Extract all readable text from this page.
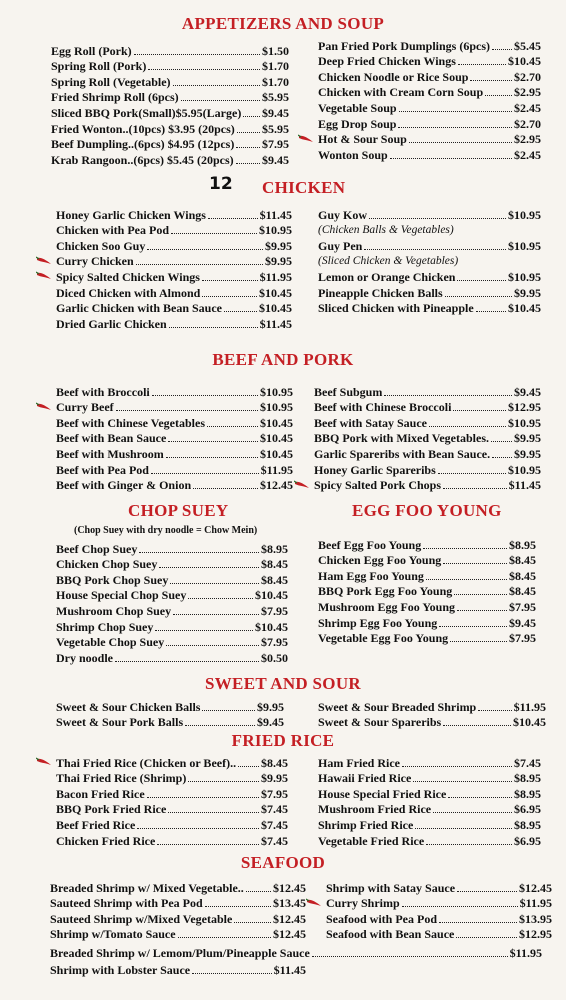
APPETIZERS AND SOUP
Egg Roll (Pork)	$1.50
Spring Roll (Pork)	$1.70
Spring Roll (Vegetable)	$1.70
Fried Shrimp Roll (6pcs)	$5.95
Sliced BBQ Pork(Small)$5.95(Large) $9.45
Fried Wonton..(10pcs) $3.95 (20pcs) $5.95
Beef Dumpling..(6pcs) $4.95 (12pcs) $7.95
Krab Rangoon..(6pcs) $5.45 (20pcs) $9.45
12
Pan Fried Pork Dumplings (6pcs) $5.45
Deep Fried Chicken Wings	$10.45
Chicken Noodle or Rice Soup	$2.70
Chicken with Cream Corn Soup	$2.95
Vegetable Soup	$2.45
Egg Drop Soup	$2.70
Hot & Sour Soup	$2.95
Wonton Soup	$2.45
CHICKEN
Honey Garlic Chicken Wings	$11.45
Chicken with Pea Pod	$10.95
Chicken Soo Guy	$9.95
Curry Chicken	$9.95
Spicy Salted Chicken Wings	$11.95
Diced Chicken with Almond	$10.45
Garlic Chicken with Bean Sauce	$10.45
Dried Garlic Chicken	$11.45
Guy Kow	$10.95
(Chicken Balls & Vegetables)
Guy Pen	$10.95
(Sliced Chicken & Vegetables)
Lemon or Orange Chicken	$10.95
Pineapple Chicken Balls	$9.95
Sliced Chicken with Pineapple	$10.45
BEEF AND PORK
Beef with Broccoli	$10.95
Curry Beef	$10.95
Beef with Chinese Vegetables	$10.45
Beef with Bean Sauce	$10.45
Beef with Mushroom	$10.45
Beef with Pea Pod	$11.95
Beef with Ginger & Onion	$12.45
Beef Subgum	$9.45
Beef with Chinese Broccoli	$12.95
Beef with Satay Sauce	$10.95
BBQ Pork with Mixed Vegetables. $9.95
Garlic Spareribs with Bean Sauce. $9.95
Honey Garlic Spareribs	$10.95
Spicy Salted Pork Chops	$11.45
CHOP SUEY
(Chop Suey with dry noodle = Chow Mein)
Beef Chop Suey	$8.95
Chicken Chop Suey	$8.45
BBQ Pork Chop Suey	$8.45
House Special Chop Suey	$10.45
Mushroom Chop Suey	$7.95
Shrimp Chop Suey	$10.45
Vegetable Chop Suey	$7.95
Dry noodle	$0.50
EGG FOO YOUNG
Beef Egg Foo Young	$8.95
Chicken Egg Foo Young	$8.45
Ham Egg Foo Young	$8.45
BBQ Pork Egg Foo Young	$8.45
Mushroom Egg Foo Young	$7.95
Shrimp Egg Foo Young	$9.45
Vegetable Egg Foo Young	$7.95
SWEET AND SOUR
Sweet & Sour Chicken Balls	$9.95
Sweet & Sour Pork Balls	$9.45
Sweet & Sour Breaded Shrimp	$11.95
Sweet & Sour Spareribs	$10.45
FRIED RICE
Thai Fried Rice (Chicken or Beef).. $8.45
Thai Fried Rice (Shrimp)	$9.95
Bacon Fried Rice	$7.95
BBQ Pork Fried Rice	$7.45
Beef Fried Rice	$7.45
Chicken Fried Rice	$7.45
Ham Fried Rice	$7.45
Hawaii Fried Rice	$8.95
House Special Fried Rice	$8.95
Mushroom Fried Rice	$6.95
Shrimp Fried Rice	$8.95
Vegetable Fried Rice	$6.95
SEAFOOD
Breaded Shrimp w/ Mixed Vegetable.. $12.45
Sauteed Shrimp with Pea Pod	$13.45
Sauteed Shrimp w/Mixed Vegetable	$12.45
Shrimp w/Tomato Sauce	$12.45
Shrimp with Satay Sauce	$12.45
Curry Shrimp	$11.95
Seafood with Pea Pod	$13.95
Seafood with Bean Sauce	$12.95
Breaded Shrimp w/ Lemom/Plum/Pineapple Sauce	$11.95
Shrimp with Lobster Sauce	$11.45
